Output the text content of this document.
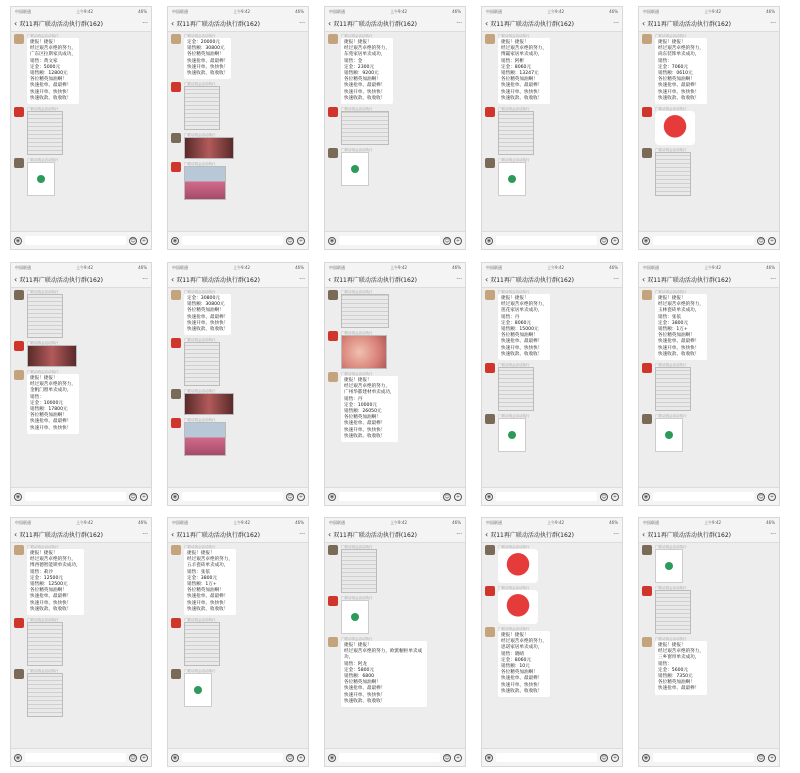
中国联通	上午9:42	46%
‹ 双11再广联动活动执行群(162)	···
广联动再会活动执行
捷报！捷报！
经过艰苦卓绝的努力，
广东区拉斯家具成功，
销售：黄文家
定金：5000元
销售额：12800元
各位精英加油啊！
快速抢单、最最棒！
快速开单、快快快！
快速收款、收收收！
广联动再会活动执行
广联动再会活动执行
◉	☺	+
中国联通	上午9:42	46%
‹ 双11再广联动活动执行群(162)	···
广联动再会活动执行
定金：20000元
销售额：30800元
各位精英加油啊！
快速抢单、最最棒！
快速开单、快快快！
快速收款、收收收！
广联动再会活动执行
广联动再会活动执行
广联动再会活动执行
◉	☺	+
中国联通	上午9:42	46%
‹ 双11再广联动活动执行群(162)	···
广联动再会活动执行
捷报！捷报！
经过艰苦卓绝的努力，
东苑家居单卖成功，
销售：金
定金：2300元
销售额：9200元
各位精英加油啊！
快速抢单、最最棒！
快速开单、快快快！
快速收款、收收收！
广联动再会活动执行
广联动再会活动执行
◉	☺	+
中国联通	上午9:42	46%
‹ 双11再广联动活动执行群(162)	···
广联动再会活动执行
捷报！捷报！
经过艰苦卓绝的努力，
博赢家居单卖成功，
销售：阿彬
定金：8060元
销售额：13247元
各位精英加油啊！
快速抢单、最最棒！
快速开单、快快快！
快速收款、收收收！
广联动再会活动执行
广联动再会活动执行
◉	☺	+
中国联通	上午9:42	46%
‹ 双11再广联动活动执行群(162)	···
广联动再会活动执行
捷报！捷报！
经过艰苦卓绝的努力，
尚东装饰单卖成功，
销售：
定金：7060元
销售额：0610元
各位精英加油啊！
快速抢单、最最棒！
快速开单、快快快！
快速收款、收收收！
广联动再会活动执行
广联动再会活动执行
◉	☺	+
中国联通	上午9:42	46%
‹ 双11再广联动活动执行群(162)	···
广联动再会活动执行
广联动再会活动执行
广联动再会活动执行
捷报！捷报！
经过艰苦卓绝的努力，
金帆门窗单卖成功，
销售：
定金：10000元
销售额：17800元
各位精英加油啊！
快速抢单、最最棒！
快速开单、快快快！
◉	☺	+
中国联通	上午9:42	46%
‹ 双11再广联动活动执行群(162)	···
广联动再会活动执行
定金：30800元
销售额：30800元
各位精英加油啊！
快速抢单、最最棒！
快速开单、快快快！
快速收款、收收收！
广联动再会活动执行
广联动再会活动执行
广联动再会活动执行
◉	☺	+
中国联通	上午9:42	46%
‹ 双11再广联动活动执行群(162)	···
广联动再会活动执行
广联动再会活动执行
广联动再会活动执行
捷报！捷报！
经过艰苦卓绝的努力，
广州华都建材单卖成功，
销售：丹
定金：10000元
销售额：26050元
各位精英加油啊！
快速抢单、最最棒！
快速开单、快快快！
快速收款、收收收！
◉	☺	+
中国联通	上午9:42	46%
‹ 双11再广联动活动执行群(162)	···
广联动再会活动执行
捷报！捷报！
经过艰苦卓绝的努力，
莲花家居单卖成功，
销售：丹
定金：8060元
销售额：15000元
各位精英加油啊！
快速抢单、最最棒！
快速开单、快快快！
快速收款、收收收！
广联动再会活动执行
广联动再会活动执行
◉	☺	+
中国联通	上午9:42	46%
‹ 双11再广联动活动执行群(162)	···
广联动再会活动执行
捷报！捷报！
经过艰苦卓绝的努力，
玉林瓷砖单卖成功，
销售：张依
定金：3800元
销售额：1万+
各位精英加油啊！
快速抢单、最最棒！
快速开单、快快快！
快速收款、收收收！
广联动再会活动执行
广联动再会活动执行
◉	☺	+
中国联通	上午9:42	46%
‹ 双11再广联动活动执行群(162)	···
广联动再会活动执行
捷报！捷报！
经过艰苦卓绝的努力，
博西德智能锁单卖成功，
销售：莉沙
定金：12500元
销售额：12500元
各位精英加油啊！
快速抢单、最最棒！
快速开单、快快快！
快速收款、收收收！
广联动再会活动执行
广联动再会活动执行
◉	☺	+
中国联通	上午9:42	46%
‹ 双11再广联动活动执行群(162)	···
广联动再会活动执行
捷报！捷报！
经过艰苦卓绝的努力，
五羊瓷砖单卖成功，
销售：张依
定金：3800元
销售额：1万+
各位精英加油啊！
快速抢单、最最棒！
快速开单、快快快！
快速收款、收收收！
广联动再会活动执行
广联动再会活动执行
◉	☺	+
中国联通	上午9:42	46%
‹ 双11再广联动活动执行群(162)	···
广联动再会活动执行
广联动再会活动执行
广联动再会活动执行
捷报！捷报！
经过艰苦卓绝的努力，欧派橱柜单卖成功，
销售：阿龙
定金：5800元
销售额：6800
各位精英加油啊！
快速抢单、最最棒！
快速开单、快快快！
快速收款、收收收！
◉	☺	+
中国联通	上午9:42	46%
‹ 双11再广联动活动执行群(162)	···
广联动再会活动执行
广联动再会活动执行
广联动再会活动执行
捷报！捷报！
经过艰苦卓绝的努力，
思诺家居单卖成功，
销售：晓晴
定金：8060元
销售额：10元
各位精英加油啊！
快速抢单、最最棒！
快速开单、快快快！
快速收款、收收收！
◉	☺	+
中国联通	上午9:42	46%
‹ 双11再广联动活动执行群(162)	···
广联动再会活动执行
广联动再会活动执行
广联动再会活动执行
捷报！捷报！
经过艰苦卓绝的努力，
三乡窗帘单卖成功，
销售：
定金：5600元
销售额：7350元
各位精英加油啊！
快速抢单、最最棒！
◉	☺	+
